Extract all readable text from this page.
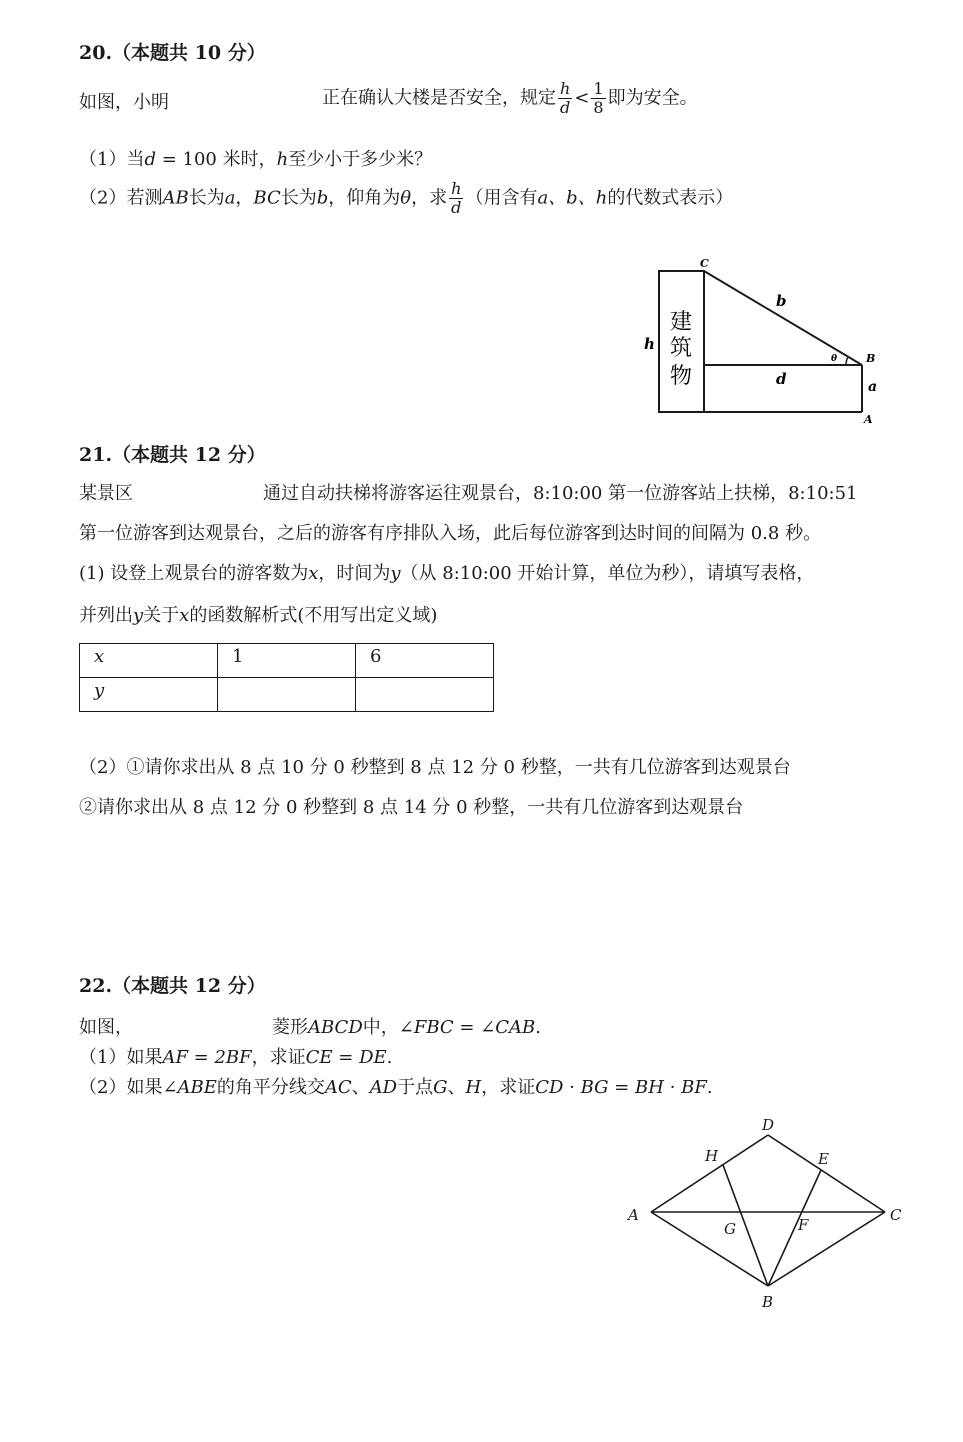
20.（本题共 10 分）
如图，小明	正在确认大楼是否安全，规定 $\frac{h}{d} < \frac{1}{8}$ 即为安全。
（1）当d = 100 米时，h至少小于多少米？
（2）若测AB长为a，BC长为b，仰角为θ，求 $\frac{h}{d}$ （用含有a、b、h的代数式表示）
建
筑
物
C
B
A
h
b
d	a
θ
21.（本题共 12 分）
某景区	通过自动扶梯将游客运往观景台，8:10:00 第一位游客站上扶梯，8:10:51
第一位游客到达观景台，之后的游客有序排队入场，此后每位游客到达时间的间隔为 0.8 秒。
(1) 设登上观景台的游客数为x，时间为y（从 8:10:00 开始计算，单位为秒），请填写表格，
并列出y关于x的函数解析式(不用写出定义域)
x	1	6
y		
（2）①请你求出从 8 点 10 分 0 秒整到 8 点 12 分 0 秒整，一共有几位游客到达观景台
②请你求出从 8 点 12 分 0 秒整到 8 点 14 分 0 秒整，一共有几位游客到达观景台
22.（本题共 12 分）
如图，	菱形ABCD中，∠FBC = ∠CAB.
（1）如果AF = 2BF，求证CE = DE.
（2）如果∠ABE的角平分线交AC、AD于点G、H，求证CD · BG = BH · BF.
A
B
C
D
E
F
G
H
